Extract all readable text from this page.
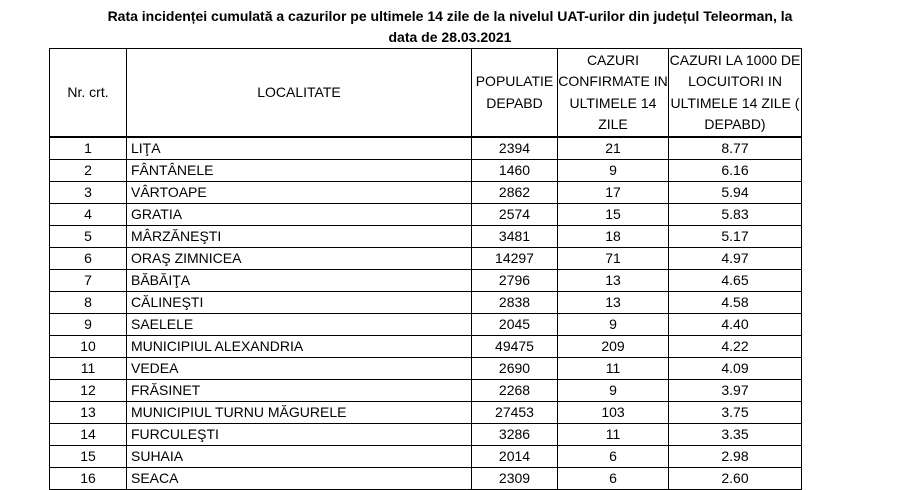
Rata incidenței cumulată a cazurilor pe ultimele 14 zile de la nivelul UAT-urilor din județul Teleorman, la
data de 28.03.2021
Nr. crt.	LOCALITATE	POPULATIE DEPABD	CAZURI CONFIRMATE IN ULTIMELE 14 ZILE	CAZURI LA 1000 DE LOCUITORI IN ULTIMELE 14 ZILE ( DEPABD)
1	LIŢA	2394	21	8.77
2	FÂNTÂNELE	1460	9	6.16
3	VÂRTOAPE	2862	17	5.94
4	GRATIA	2574	15	5.83
5	MÂRZĂNEŞTI	3481	18	5.17
6	ORAŞ ZIMNICEA	14297	71	4.97
7	BĂBĂIŢA	2796	13	4.65
8	CĂLINEŞTI	2838	13	4.58
9	SAELELE	2045	9	4.40
10	MUNICIPIUL ALEXANDRIA	49475	209	4.22
11	VEDEA	2690	11	4.09
12	FRĂSINET	2268	9	3.97
13	MUNICIPIUL TURNU MĂGURELE	27453	103	3.75
14	FURCULEŞTI	3286	11	3.35
15	SUHAIA	2014	6	2.98
16	SEACA	2309	6	2.60
